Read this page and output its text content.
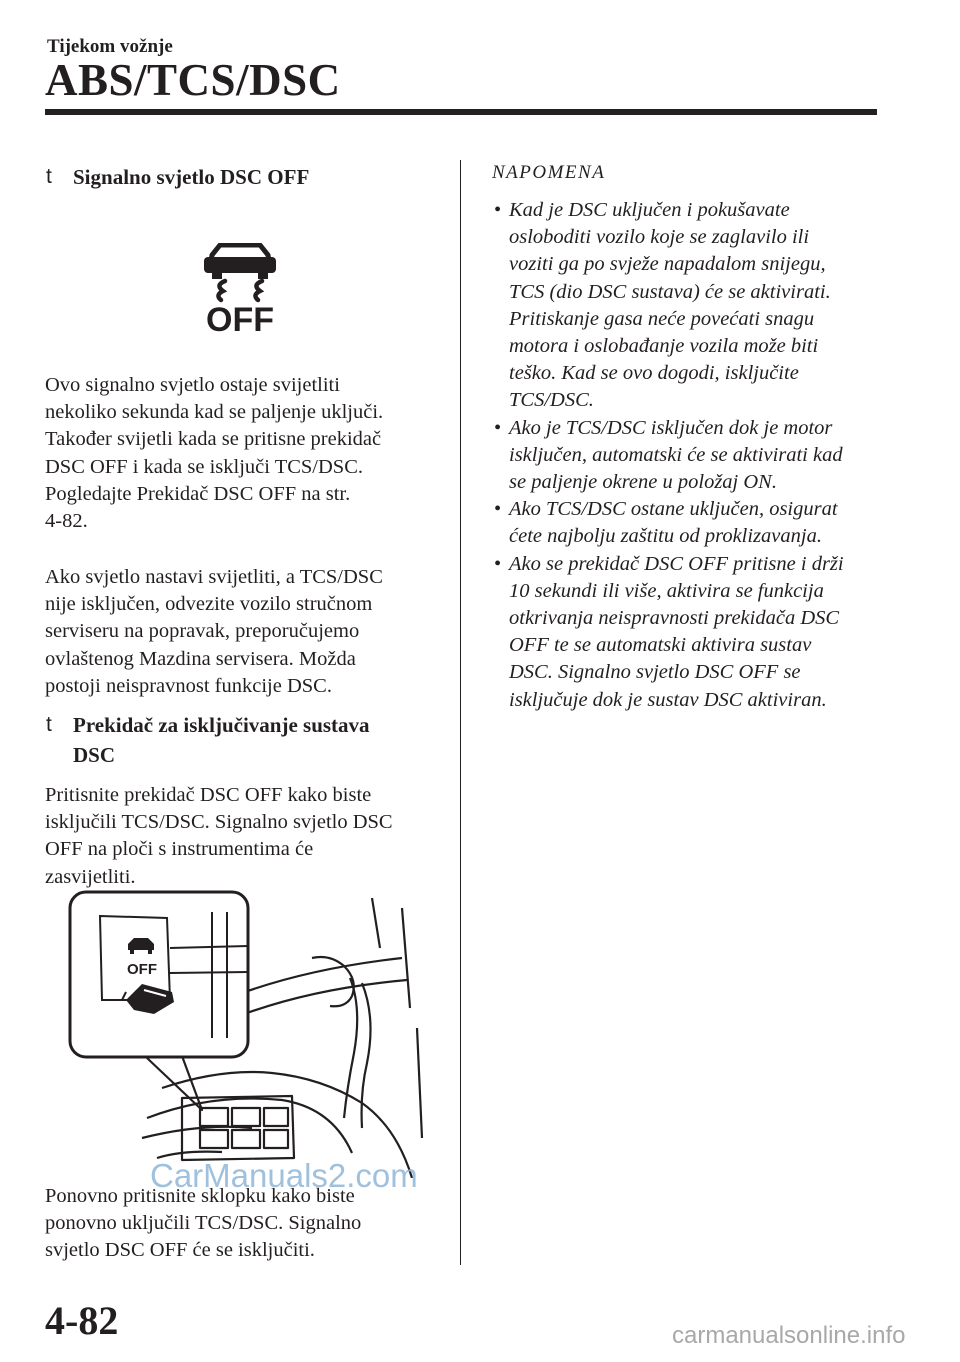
Tijekom vožnje
ABS/TCS/DSC
t Signalno svjetlo DSC OFF
OFF
Ovo signalno svjetlo ostaje svijetliti
nekoliko sekunda kad se paljenje uključi.
Također svijetli kada se pritisne prekidač
DSC OFF i kada se isključi TCS/DSC.
Pogledajte Prekidač DSC OFF na str.
4-82.
Ako svjetlo nastavi svijetliti, a TCS/DSC
nije isključen, odvezite vozilo stručnom
serviseru na popravak, preporučujemo
ovlaštenog Mazdina servisera. Možda
postoji neispravnost funkcije DSC.
t Prekidač za isključivanje sustava
DSC
Pritisnite prekidač DSC OFF kako biste
isključili TCS/DSC. Signalno svjetlo DSC
OFF na ploči s instrumentima će
zasvijetliti.
OFF
Ponovno pritisnite sklopku kako biste
ponovno uključili TCS/DSC. Signalno
svjetlo DSC OFF će se isključiti.
NAPOMENA
• Kad je DSC uključen i pokušavate
osloboditi vozilo koje se zaglavilo ili
voziti ga po svježe napadalom snijegu,
TCS (dio DSC sustava) će se aktivirati.
Pritiskanje gasa neće povećati snagu
motora i oslobađanje vozila može biti
teško. Kad se ovo dogodi, isključite
TCS/DSC.
• Ako je TCS/DSC isključen dok je motor
isključen, automatski će se aktivirati kad
se paljenje okrene u položaj ON.
• Ako TCS/DSC ostane uključen, osigurat
ćete najbolju zaštitu od proklizavanja.
• Ako se prekidač DSC OFF pritisne i drži
10 sekundi ili više, aktivira se funkcija
otkrivanja neispravnosti prekidača DSC
OFF te se automatski aktivira sustav
DSC. Signalno svjetlo DSC OFF se
isključuje dok je sustav DSC aktiviran.
CarManuals2.com
4-82	carmanualsonline.info
